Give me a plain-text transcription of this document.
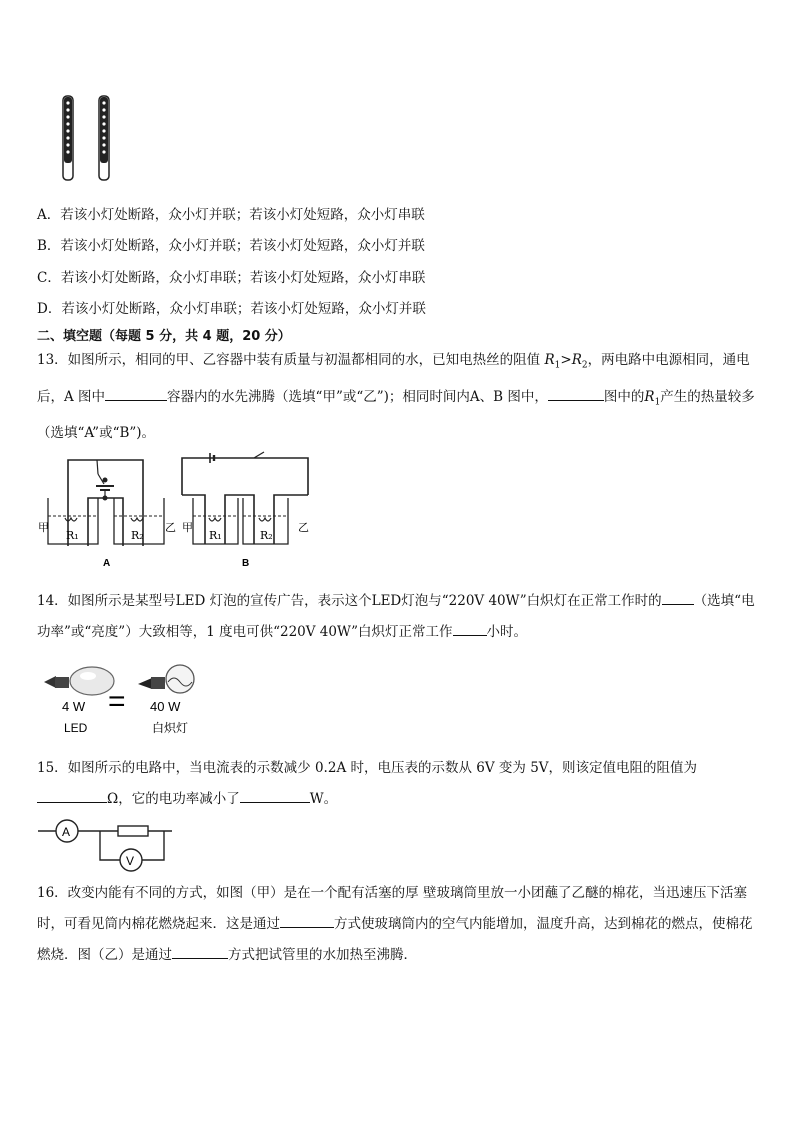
A．若该小灯处断路，众小灯并联；若该小灯处短路，众小灯串联
B．若该小灯处断路，众小灯并联；若该小灯处短路，众小灯并联
C．若该小灯处断路，众小灯串联；若该小灯处短路，众小灯串联
D．若该小灯处断路，众小灯串联；若该小灯处短路，众小灯并联
二、填空题（每题 5 分，共 4 题，20 分）
13．如图所示，相同的甲、乙容器中装有质量与初温都相同的水，已知电热丝的阻值 $R_1>R_2$，两电路中电源相同，通电后，A 图中	容器内的水先沸腾（选填“甲”或“乙”)；相同时间内A、B 图中，	图中的$R_1$产生的热量较多（选填“A”或“B”)。
甲	乙
R₁	R₂
A
甲	乙
R₁	R₂
B
14．如图所示是某型号LED 灯泡的宣传广告，表示这个LED灯泡与“220V 40W”白炽灯在正常工作时的 （选填“电功率”或“亮度”）大致相等，1 度电可供“220V 40W”白炽灯正常工作	小时。
4 W
LED
= 40 W
白炽灯
15．如图所示的电路中，当电流表的示数减少 0.2A 时，电压表的示数从 6V 变为 5V，则该定值电阻的阻值为
Ω，它的电功率减小了	W。
A
V
16．改变内能有不同的方式，如图（甲）是在一个配有活塞的厚 壁玻璃筒里放一小团蘸了乙醚的棉花，当迅速压下活塞时，可看见筒内棉花燃烧起来．这是通过	方式使玻璃筒内的空气内能增加，温度升高，达到棉花的燃点，使棉花燃烧．图（乙）是通过	方式把试管里的水加热至沸腾．
